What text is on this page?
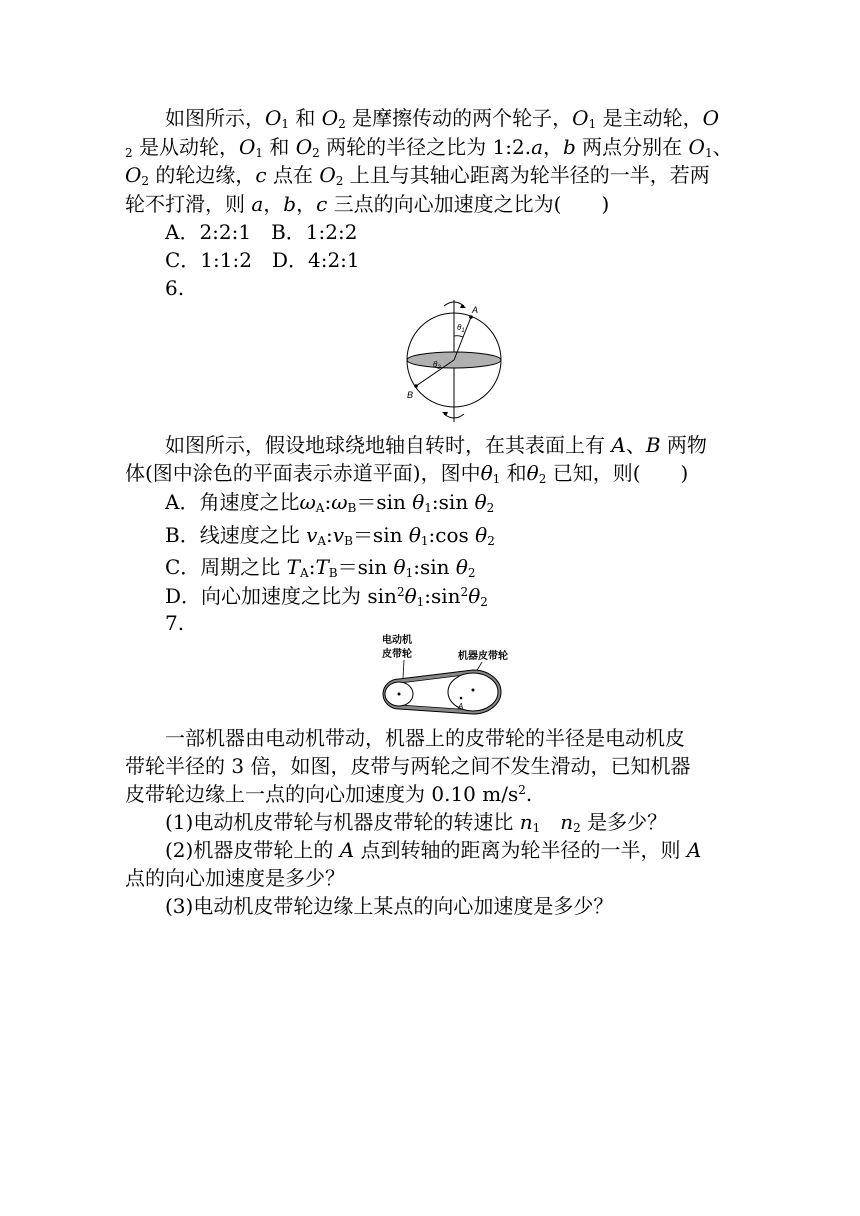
如图所示，$O_1$ 和 $O_2$ 是摩擦传动的两个轮子，$O_1$ 是主动轮，O
$_2$ 是从动轮，$O_1$ 和 $O_2$ 两轮的半径之比为 1:2.a，b 两点分别在 $O_1$、
$O_2$ 的轮边缘，c 点在 $O_2$ 上且与其轴心距离为轮半径的一半，若两
轮不打滑，则 a，b，c 三点的向心加速度之比为(　　)
A．2:2:1　B．1:2:2
C．1:1:2　D．4:2:1
6.
A
B
$\theta_1$
$\theta_2$
如图所示，假设地球绕地轴自转时，在其表面上有 A、B 两物
体(图中涂色的平面表示赤道平面)，图中$\theta_1$ 和$\theta_2$ 已知，则(　　)
A．角速度之比$\omega_A:\omega_B=\sin$ $\theta_1:\sin$ $\theta_2$
B．线速度之比 $v_A:v_B=\sin$ $\theta_1:\cos$ $\theta_2$
C．周期之比 $T_A:T_B=\sin$ $\theta_1:\sin$ $\theta_2$
D．向心加速度之比为 $\sin^2\theta_1:\sin^2\theta_2$
7.
电动机
皮带轮	机器皮带轮
A
一部机器由电动机带动，机器上的皮带轮的半径是电动机皮
带轮半径的 3 倍，如图，皮带与两轮之间不发生滑动，已知机器
皮带轮边缘上一点的向心加速度为 0.10 $m/s^2$.
(1)电动机皮带轮与机器皮带轮的转速比 $n_1$　 $n_2$ 是多少？
(2)机器皮带轮上的 A 点到转轴的距离为轮半径的一半，则 A
点的向心加速度是多少？
(3)电动机皮带轮边缘上某点的向心加速度是多少？
